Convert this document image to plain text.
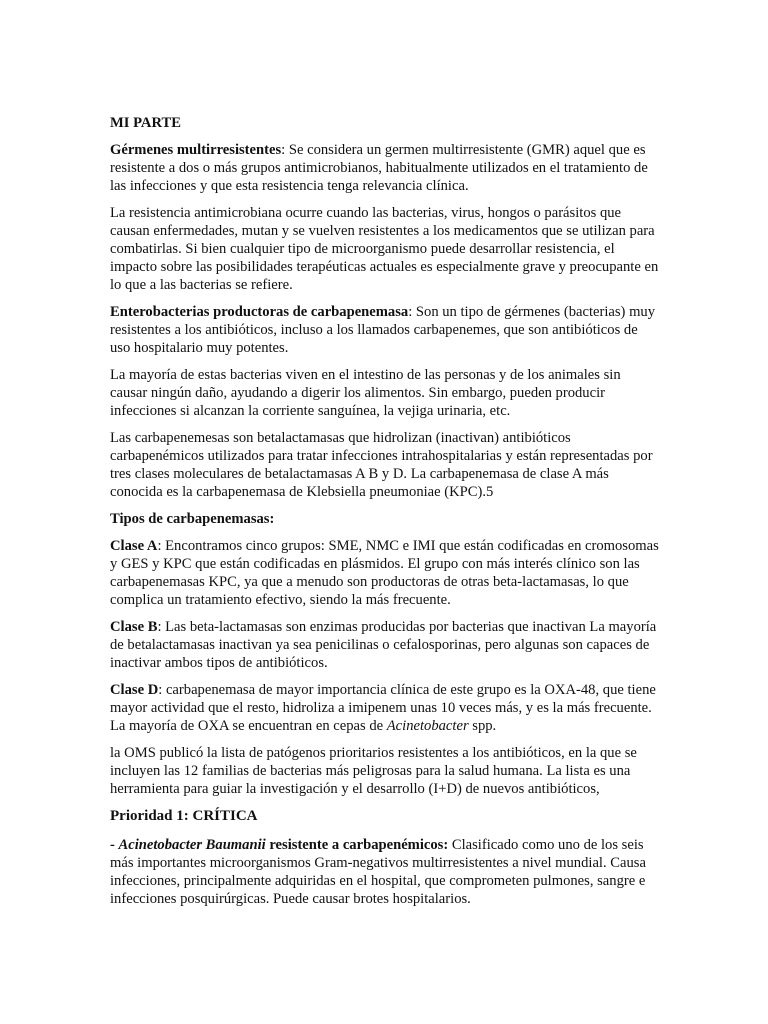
MI PARTE

Gérmenes multirresistentes: Se considera un germen multirresistente (GMR) aquel que es resistente a dos o más grupos antimicrobianos, habitualmente utilizados en el tratamiento de las infecciones y que esta resistencia tenga relevancia clínica.

La resistencia antimicrobiana ocurre cuando las bacterias, virus, hongos o parásitos que causan enfermedades, mutan y se vuelven resistentes a los medicamentos que se utilizan para combatirlas. Si bien cualquier tipo de microorganismo puede desarrollar resistencia, el impacto sobre las posibilidades terapéuticas actuales es especialmente grave y preocupante en lo que a las bacterias se refiere.

Enterobacterias productoras de carbapenemasa: Son un tipo de gérmenes (bacterias) muy resistentes a los antibióticos, incluso a los llamados carbapenemes, que son antibióticos de uso hospitalario muy potentes.

La mayoría de estas bacterias viven en el intestino de las personas y de los animales sin causar ningún daño, ayudando a digerir los alimentos. Sin embargo, pueden producir infecciones si alcanzan la corriente sanguínea, la vejiga urinaria, etc.

Las carbapenemesas son betalactamasas que hidrolizan (inactivan) antibióticos carbapenémicos utilizados para tratar infecciones intrahospitalarias y están representadas por tres clases moleculares de betalactamasas A B y D. La carbapenemasa de clase A más conocida es la carbapenemasa de Klebsiella pneumoniae (KPC).5

Tipos de carbapenemasas:

Clase A: Encontramos cinco grupos: SME, NMC e IMI que están codificadas en cromosomas y GES y KPC que están codificadas en plásmidos. El grupo con más interés clínico son las carbapenemasas KPC, ya que a menudo son productoras de otras beta-lactamasas, lo que complica un tratamiento efectivo, siendo la más frecuente.

Clase B: Las beta-lactamasas son enzimas producidas por bacterias que inactivan La mayoría de betalactamasas inactivan ya sea penicilinas o cefalosporinas, pero algunas son capaces de inactivar ambos tipos de antibióticos.

Clase D: carbapenemasa de mayor importancia clínica de este grupo es la OXA-48, que tiene mayor actividad que el resto, hidroliza a imipenem unas 10 veces más, y es la más frecuente. La mayoría de OXA se encuentran en cepas de Acinetobacter spp.

la OMS publicó la lista de patógenos prioritarios resistentes a los antibióticos, en la que se incluyen las 12 familias de bacterias más peligrosas para la salud humana. La lista es una herramienta para guiar la investigación y el desarrollo (I+D) de nuevos antibióticos,

Prioridad 1: CRÍTICA

- Acinetobacter Baumanii resistente a carbapenémicos: Clasificado como uno de los seis más importantes microorganismos Gram-negativos multirresistentes a nivel mundial. Causa infecciones, principalmente adquiridas en el hospital, que comprometen pulmones, sangre e infecciones posquirúrgicas. Puede causar brotes hospitalarios.
